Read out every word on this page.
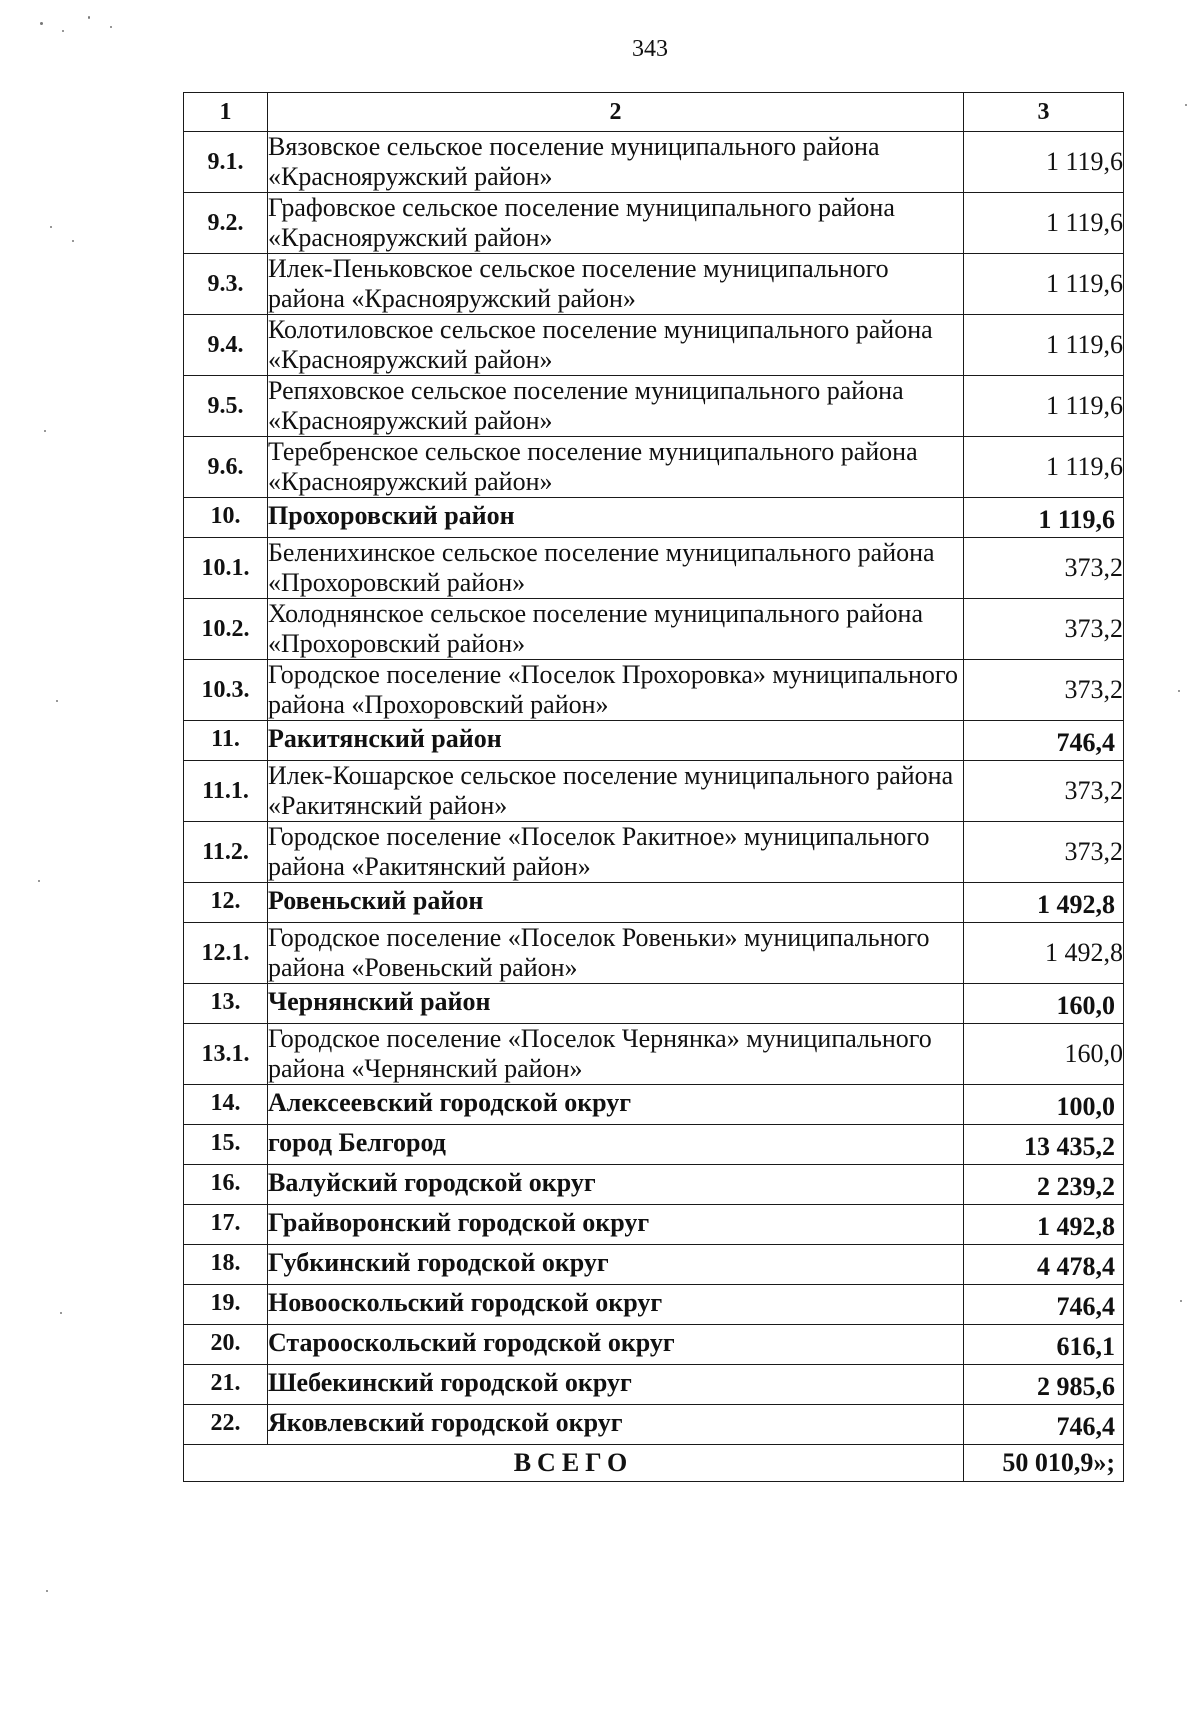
343
1	2	3
9.1.	Вязовское сельское поселение муниципального района «Краснояружский район»	1 119,6
9.2.	Графовское сельское поселение муниципального района «Краснояружский район»	1 119,6
9.3.	Илек-Пеньковское сельское поселение муниципального района «Краснояружский район»	1 119,6
9.4.	Колотиловское сельское поселение муниципального района «Краснояружский район»	1 119,6
9.5.	Репяховское сельское поселение муниципального района «Краснояружский район»	1 119,6
9.6.	Теребренское сельское поселение муниципального района «Краснояружский район»	1 119,6
10.	Прохоровский район	1 119,6
10.1.	Беленихинское сельское поселение муниципального района «Прохоровский район»	373,2
10.2.	Холоднянское сельское поселение муниципального района «Прохоровский район»	373,2
10.3.	Городское поселение «Поселок Прохоровка» муниципального района «Прохоровский район»	373,2
11.	Ракитянский район	746,4
11.1.	Илек-Кошарское сельское поселение муниципального района «Ракитянский район»	373,2
11.2.	Городское поселение «Поселок Ракитное» муниципального района «Ракитянский район»	373,2
12.	Ровеньский район	1 492,8
12.1.	Городское поселение «Поселок Ровеньки» муниципального района «Ровеньский район»	1 492,8
13.	Чернянский район	160,0
13.1.	Городское поселение «Поселок Чернянка» муниципального района «Чернянский район»	160,0
14.	Алексеевский городской округ	100,0
15.	город Белгород	13 435,2
16.	Валуйский городской округ	2 239,2
17.	Грайворонский городской округ	1 492,8
18.	Губкинский городской округ	4 478,4
19.	Новооскольский городской округ	746,4
20.	Старооскольский городской округ	616,1
21.	Шебекинский городской округ	2 985,6
22.	Яковлевский городской округ	746,4
ВСЕГО		50 010,9»;
